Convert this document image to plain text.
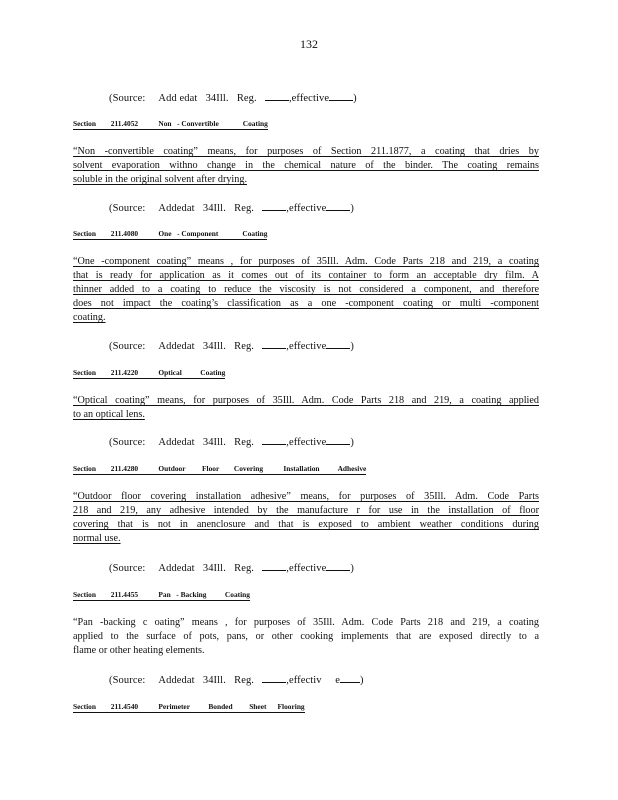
132
(Source:     Add edat   34Ill.   Reg.   ,effective )
Section        211.4052           Non   - Convertible             Coating
“Non -convertible coating” means, for purposes of Section 211.1877, a coating that dries by
solvent evaporation withno change in the chemical nature of the binder. The coating remains
soluble in the original solvent after drying.
(Source:     Addedat   34Ill.   Reg.   ,effective )
Section        211.4080           One   - Component             Coating
“One -component coating” means , for purposes of 35Ill. Adm. Code Parts 218 and 219, a coating
that is ready for application as it comes out of its container to form an acceptable dry film. A
thinner added to a coating to reduce the viscosity is not considered a component, and therefore
does not impact the coating’s classification as a one -component coating or multi -component
coating.
(Source:     Addedat   34Ill.   Reg.   ,effective )
Section        211.4220           Optical          Coating
“Optical coating” means, for purposes of 35Ill. Adm. Code Parts 218 and 219, a coating applied
to an optical lens.
(Source:     Addedat   34Ill.   Reg.   ,effective )
Section        211.4280           Outdoor         Floor        Covering           Installation          Adhesive
“Outdoor floor covering installation adhesive” means, for purposes of 35Ill. Adm. Code Parts
218 and 219, any adhesive intended by the manufacture r for use in the installation of floor
covering that is not in anenclosure and that is exposed to ambient weather conditions during
normal use.
(Source:     Addedat   34Ill.   Reg.   ,effective )
Section        211.4455           Pan   - Backing          Coating
“Pan -backing c oating” means , for purposes of 35Ill. Adm. Code Parts 218 and 219, a coating
applied to the surface of pots, pans, or other cooking implements that are exposed directly to a
flame or other heating elements.
(Source:     Addedat   34Ill.   Reg.   ,effectiv     e )
Section        211.4540           Perimeter          Bonded         Sheet      Flooring
